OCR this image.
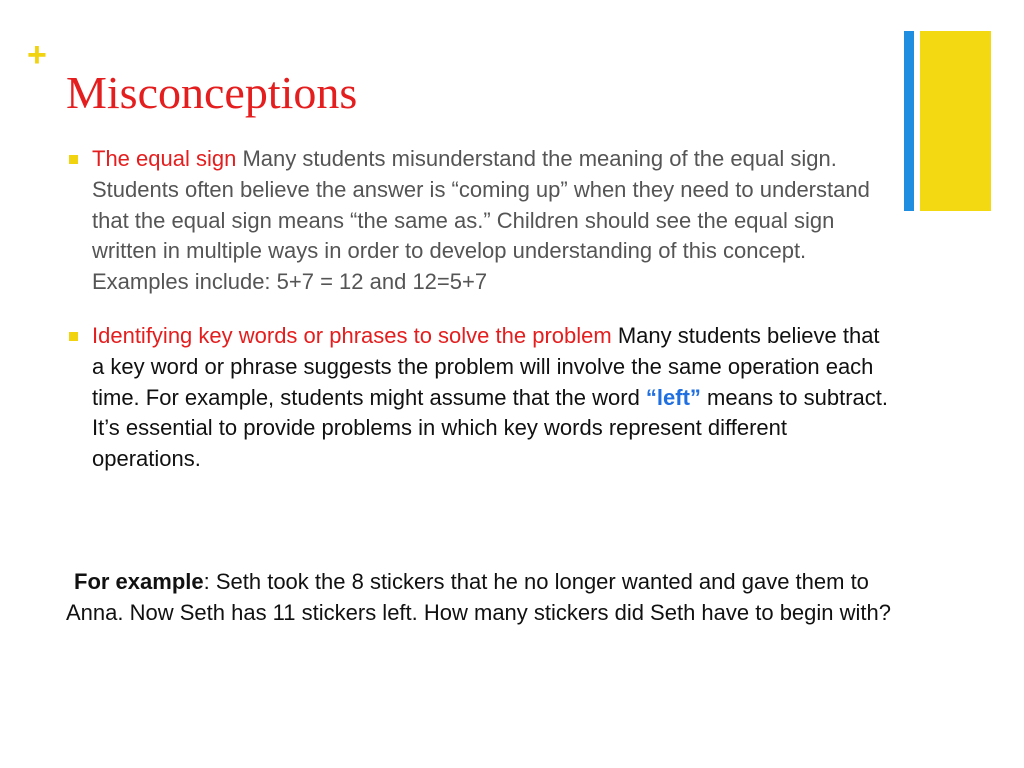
+
Misconceptions
The equal sign Many students misunderstand the meaning of the equal sign. Students often believe the answer is “coming up” when they need to understand that the equal sign means “the same as.” Children should see the equal sign written in multiple ways in order to develop understanding of this concept. Examples include: 5+7 = 12 and 12=5+7
Identifying key words or phrases to solve the problem Many students believe that a key word or phrase suggests the problem will involve the same operation each time. For example, students might assume that the word “left” means to subtract. It’s essential to provide problems in which key words represent different operations.

For example: Seth took the 8 stickers that he no longer wanted and gave them to Anna. Now Seth has 11 stickers left. How many stickers did Seth have to begin with?
